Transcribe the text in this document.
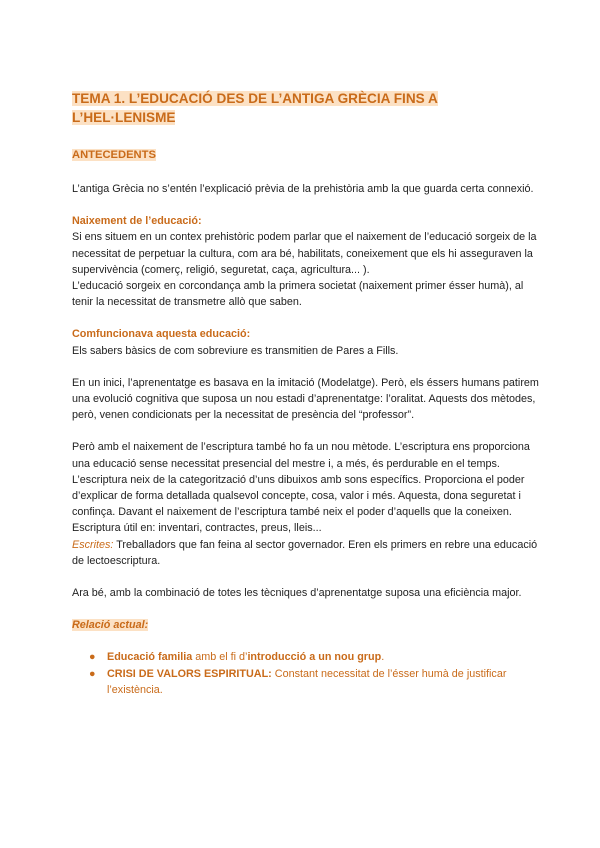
TEMA 1. L’EDUCACIÓ DES DE L’ANTIGA GRÈCIA FINS A
L’HEL·LENISME
ANTECEDENTS

L’antiga Grècia no s’entén l’explicació prèvia de la prehistòria amb la que guarda certa connexió.

Naixement de l’educació:

Si ens situem en un contex prehistòric podem parlar que el naixement de l’educació sorgeix de la necessitat de perpetuar la cultura, com ara bé, habilitats, coneixement que els hi asseguraven la supervivència (comerç, religió, seguretat, caça, agricultura... ).

L’educació sorgeix en corcondança amb la primera societat (naixement primer ésser humà), al tenir la necessitat de transmetre allò que saben.

Comfuncionava aquesta educació:

Els sabers bàsics de com sobreviure es transmitien de Pares a Fills.

En un inici, l’aprenentatge es basava en la imitació (Modelatge). Però, els éssers humans patirem una evolució cognitiva que suposa un nou estadi d’aprenentatge: l’oralitat. Aquests dos mètodes, però, venen condicionats per la necessitat de presència del “professor”.

Però amb el naixement de l’escriptura també ho fa un nou mètode. L’escriptura ens proporciona una educació sense necessitat presencial del mestre i, a més, és perdurable en el temps.

L’escriptura neix de la categorització d’uns dibuixos amb sons específics. Proporciona el poder d’explicar de forma detallada qualsevol concepte, cosa, valor i més. Aquesta, dona seguretat i confinça. Davant el naixement de l’escriptura també neix el poder d’aquells que la coneixen.

Escriptura útil en: inventari, contractes, preus, lleis...

Escrites: Treballadors que fan feina al sector governador. Eren els primers en rebre una educació de lectoescriptura.

Ara bé, amb la combinació de totes les tècniques d’aprenentatge suposa una eficiència major.

Relació actual:

● Educació familia amb el fi d’introducció a un nou grup.
● CRISI DE VALORS ESPIRITUAL: Constant necessitat de l’ésser humà de justificar l’existència.
